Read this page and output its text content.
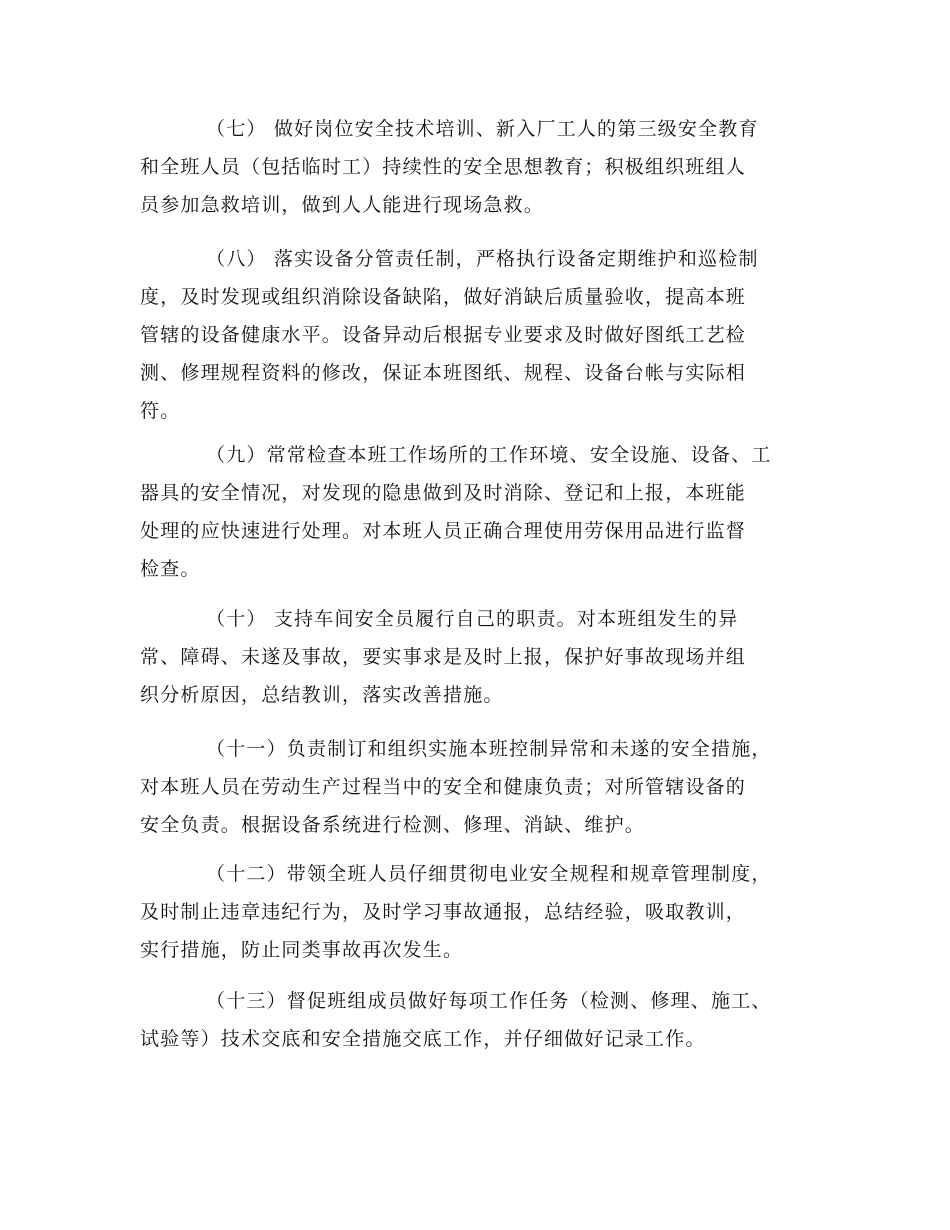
（七） 做好岗位安全技术培训、新入厂工人的第三级安全教育
和全班人员（包括临时工）持续性的安全思想教育；积极组织班组人
员参加急救培训，做到人人能进行现场急救。

（八） 落实设备分管责任制，严格执行设备定期维护和巡检制
度，及时发现或组织消除设备缺陷，做好消缺后质量验收，提高本班
管辖的设备健康水平。设备异动后根据专业要求及时做好图纸工艺检
测、修理规程资料的修改，保证本班图纸、规程、设备台帐与实际相
符。

（九）常常检查本班工作场所的工作环境、安全设施、设备、工
器具的安全情况，对发现的隐患做到及时消除、登记和上报，本班能
处理的应快速进行处理。对本班人员正确合理使用劳保用品进行监督
检查。

（十） 支持车间安全员履行自己的职责。对本班组发生的异
常、障碍、未遂及事故，要实事求是及时上报，保护好事故现场并组
织分析原因，总结教训，落实改善措施。

（十一）负责制订和组织实施本班控制异常和未遂的安全措施，
对本班人员在劳动生产过程当中的安全和健康负责；对所管辖设备的
安全负责。根据设备系统进行检测、修理、消缺、维护。

（十二）带领全班人员仔细贯彻电业安全规程和规章管理制度，
及时制止违章违纪行为，及时学习事故通报，总结经验，吸取教训，
实行措施，防止同类事故再次发生。

（十三）督促班组成员做好每项工作任务（检测、修理、施工、
试验等）技术交底和安全措施交底工作，并仔细做好记录工作。
